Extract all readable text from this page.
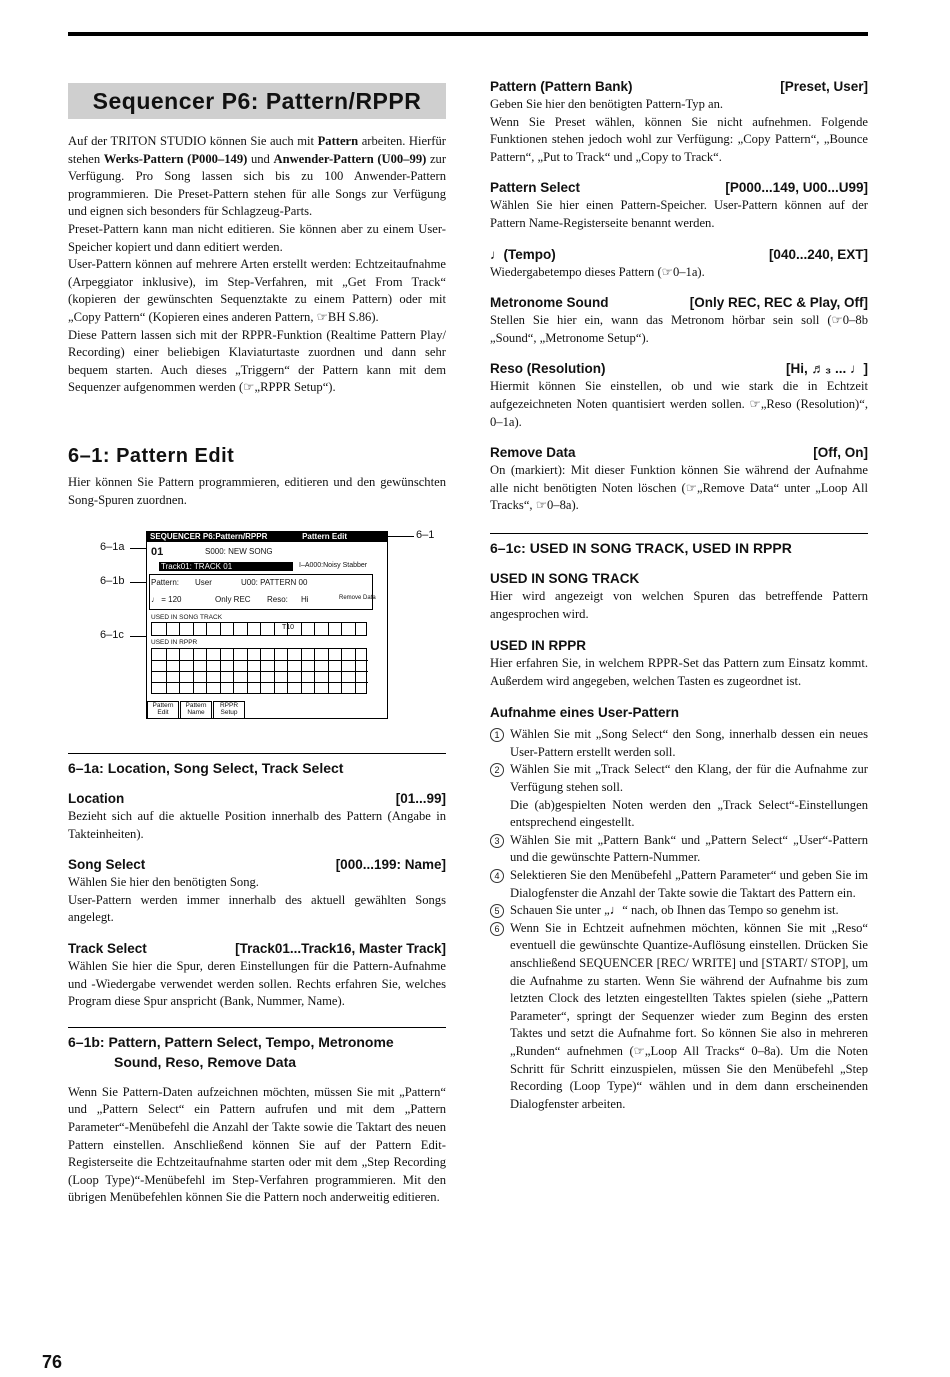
Sequencer P6: Pattern/RPPR

Auf der TRITON STUDIO können Sie auch mit Pattern arbeiten. Hierfür stehen Werks-Pattern (P000–149) und Anwender-Pattern (U00–99) zur Verfügung. Pro Song lassen sich bis zu 100 Anwender-Pattern programmieren. Die Preset-Pattern stehen für alle Songs zur Verfügung und eignen sich besonders für Schlagzeug-Parts.

Preset-Pattern kann man nicht editieren. Sie können aber zu einem User-Speicher kopiert und dann editiert werden.

User-Pattern können auf mehrere Arten erstellt werden: Echtzeitaufnahme (Arpeggiator inklusive), im Step-Verfahren, mit „Get From Track“ (kopieren der gewünschten Sequenztakte zu einem Pattern) oder mit „Copy Pattern“ (Kopieren eines anderen Pattern, ☞BH S.86).

Diese Pattern lassen sich mit der RPPR-Funktion (Realtime Pattern Play/ Recording) einer beliebigen Klaviaturtaste zuordnen und dann sehr bequem starten. Auch dieses „Triggern“ der Pattern kann mit dem Sequenzer aufgenommen werden (☞„RPPR Setup“).

6–1: Pattern Edit

Hier können Sie Pattern programmieren, editieren und den gewünschten Song-Spuren zuordnen.

6–1a
6–1b
6–1c
6–1
SEQUENCER P6:Pattern/RPPR	Pattern Edit
01	S000: NEW SONG
Track01: TRACK 01	I–A000:Noisy Stabber
Pattern: User	U00: PATTERN 00
♩ = 120	Only REC Reso: Hi	Remove Data
USED IN SONG TRACK
T10
USED IN RPPR
Pattern Edit
Pattern Name
RPPR Setup
6–1a: Location, Song Select, Track Select
Location	[01...99]

Bezieht sich auf die aktuelle Position innerhalb des Pattern (Angabe in Takteinheiten).

Song Select	[000...199: Name]

Wählen Sie hier den benötigten Song.
User-Pattern werden immer innerhalb des aktuell gewählten Songs angelegt.

Track Select	[Track01...Track16, Master Track]

Wählen Sie hier die Spur, deren Einstellungen für die Pattern-Aufnahme und -Wiedergabe verwendet werden sollen. Rechts erfahren Sie, welches Program diese Spur anspricht (Bank, Nummer, Name).

6–1b: Pattern, Pattern Select, Tempo, Metronome
Sound, Reso, Remove Data

Wenn Sie Pattern-Daten aufzeichnen möchten, müssen Sie mit „Pattern“ und „Pattern Select“ ein Pattern aufrufen und mit dem „Pattern Parameter“-Menübefehl die Anzahl der Takte sowie die Taktart des neuen Pattern einstellen. Anschließend können Sie auf der Pattern Edit-Registerseite die Echtzeitaufnahme starten oder mit dem „Step Recording (Loop Type)“-Menübefehl im Step-Verfahren programmieren. Mit den übrigen Menübefehlen können Sie die Pattern noch anderweitig editieren.

Pattern (Pattern Bank)	[Preset, User]

Geben Sie hier den benötigten Pattern-Typ an.
Wenn Sie Preset wählen, können Sie nicht aufnehmen. Folgende Funktionen stehen jedoch wohl zur Verfügung: „Copy Pattern“, „Bounce Pattern“, „Put to Track“ und „Copy to Track“.

Pattern Select	[P000...149, U00...U99]

Wählen Sie hier einen Pattern-Speicher. User-Pattern können auf der Pattern Name-Registerseite benannt werden.

♩(Tempo)	[040...240, EXT]

Wiedergabetempo dieses Pattern (☞0–1a).

Metronome Sound	[Only REC, REC & Play, Off]

Stellen Sie hier ein, wann das Metronom hörbar sein soll (☞0–8b „Sound“, „Metronome Setup“).

Reso (Resolution)	[Hi, ♬₃ ... ♩]

Hiermit können Sie einstellen, ob und wie stark die in Echtzeit aufgezeichneten Noten quantisiert werden sollen. ☞„Reso (Resolution)“, 0–1a).

Remove Data	[Off, On]

On (markiert): Mit dieser Funktion können Sie während der Aufnahme alle nicht benötigten Noten löschen (☞„Remove Data“ unter „Loop All Tracks“, ☞0–8a).

6–1c: USED IN SONG TRACK, USED IN RPPR
USED IN SONG TRACK

Hier wird angezeigt von welchen Spuren das betreffende Pattern angesprochen wird.

USED IN RPPR

Hier erfahren Sie, in welchem RPPR-Set das Pattern zum Einsatz kommt. Außerdem wird angegeben, welchen Tasten es zugeordnet ist.

Aufnahme eines User-Pattern
1 Wählen Sie mit „Song Select“ den Song, innerhalb dessen ein neues User-Pattern erstellt werden soll.
2 Wählen Sie mit „Track Select“ den Klang, der für die Aufnahme zur Verfügung stehen soll.
Die (ab)gespielten Noten werden den „Track Select“-Einstellungen entsprechend eingestellt.
3 Wählen Sie mit „Pattern Bank“ und „Pattern Select“ „User“-Pattern und die gewünschte Pattern-Nummer.
4 Selektieren Sie den Menübefehl „Pattern Parameter“ und geben Sie im Dialogfenster die Anzahl der Takte sowie die Taktart des Pattern ein.
5 Schauen Sie unter „♩“ nach, ob Ihnen das Tempo so genehm ist.
6 Wenn Sie in Echtzeit aufnehmen möchten, können Sie mit „Reso“ eventuell die gewünschte Quantize-Auflösung einstellen. Drücken Sie anschließend SEQUENCER [REC/ WRITE] und [START/ STOP], um die Aufnahme zu starten. Wenn Sie während der Aufnahme bis zum letzten Clock des letzten eingestellten Taktes spielen (siehe „Pattern Parameter“, springt der Sequenzer wieder zum Beginn des ersten Taktes und setzt die Aufnahme fort. So können Sie also in mehreren „Runden“ aufnehmen (☞„Loop All Tracks“ 0–8a). Um die Noten Schritt für Schritt einzuspielen, müssen Sie den Menübefehl „Step Recording (Loop Type)“ wählen und in dem dann erscheinenden Dialogfenster arbeiten.
76
